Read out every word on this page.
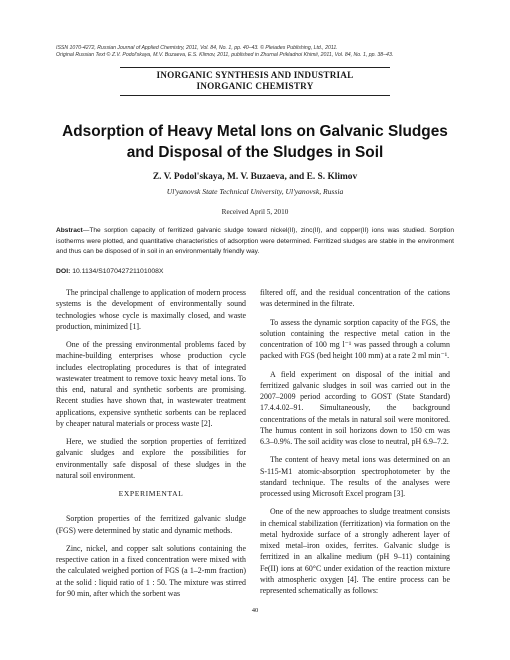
ISSN 1070-4272, Russian Journal of Applied Chemistry, 2011, Vol. 84, No. 1, pp. 40–43. © Pleiades Publishing, Ltd., 2011.
Original Russian Text © Z.V. Podol'skaya, M.V. Buzaeva, E.S. Klimov, 2011, published in Zhurnal Prikladnoi Khimii, 2011, Vol. 84, No. 1, pp. 38–43.
INORGANIC SYNTHESIS AND INDUSTRIAL
INORGANIC CHEMISTRY
Adsorption of Heavy Metal Ions on Galvanic Sludges
and Disposal of the Sludges in Soil
Z. V. Podol'skaya, M. V. Buzaeva, and E. S. Klimov
Ul'yanovsk State Technical University, Ul'yanovsk, Russia
Received April 5, 2010
Abstract—The sorption capacity of ferritized galvanic sludge toward nickel(II), zinc(II), and copper(II) ions was studied. Sorption isotherms were plotted, and quantitative characteristics of adsorption were determined. Ferritized sludges are stable in the environment and thus can be disposed of in soil in an environmentally friendly way.
DOI: 10.1134/S107042721101008X

The principal challenge to application of modern process systems is the development of environmentally sound technologies whose cycle is maximally closed, and waste production, minimized [1].

One of the pressing environmental problems faced by machine-building enterprises whose production cycle includes electroplating procedures is that of integrated wastewater treatment to remove toxic heavy metal ions. To this end, natural and synthetic sorbents are promising. Recent studies have shown that, in wastewater treatment applications, expensive synthetic sorbents can be replaced by cheaper natural materials or process waste [2].

Here, we studied the sorption properties of ferritized galvanic sludges and explore the possibilities for environmentally safe disposal of these sludges in the natural soil environment.

EXPERIMENTAL

Sorption properties of the ferritized galvanic sludge (FGS) were determined by static and dynamic methods.

Zinc, nickel, and copper salt solutions containing the respective cation in a fixed concentration were mixed with the calculated weighed portion of FGS (a 1–2-mm fraction) at the solid : liquid ratio of 1 : 50. The mixture was stirred for 90 min, after which the sorbent was

filtered off, and the residual concentration of the cations was determined in the filtrate.

To assess the dynamic sorption capacity of the FGS, the solution containing the respective metal cation in the concentration of 100 mg l⁻¹ was passed through a column packed with FGS (bed height 100 mm) at a rate 2 ml min⁻¹.

A field experiment on disposal of the initial and ferritized galvanic sludges in soil was carried out in the 2007–2009 period according to GOST (State Standard) 17.4.4.02–91. Simultaneously, the background concentrations of the metals in natural soil were monitored. The humus content in soil horizons down to 150 cm was 6.3–0.9%. The soil acidity was close to neutral, pH 6.9–7.2.

The content of heavy metal ions was determined on an S-115-M1 atomic-absorption spectrophotometer by the standard technique. The results of the analyses were processed using Microsoft Excel program [3].

One of the new approaches to sludge treatment consists in chemical stabilization (ferritization) via formation on the metal hydroxide surface of a strongly adherent layer of mixed metal–iron oxides, ferrites. Galvanic sludge is ferritized in an alkaline medium (pH 9–11) containing Fe(II) ions at 60°C under exidation of the reaction mixture with atmospheric oxygen [4]. The entire process can be represented schematically as follows:

40
